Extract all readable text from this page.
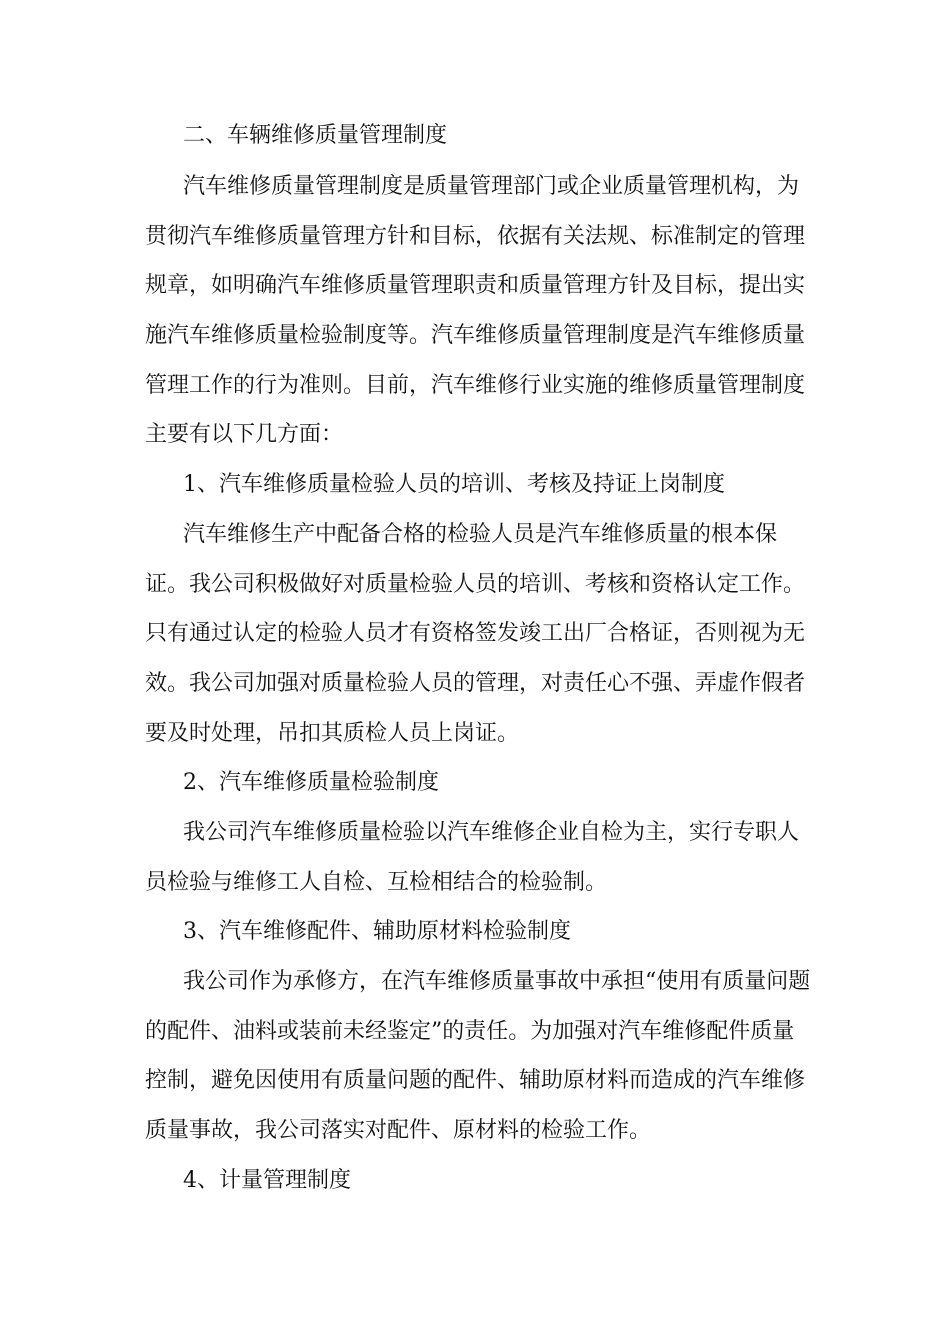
二、车辆维修质量管理制度

汽车维修质量管理制度是质量管理部门或企业质量管理机构，为

贯彻汽车维修质量管理方针和目标，依据有关法规、标准制定的管理

规章，如明确汽车维修质量管理职责和质量管理方针及目标，提出实

施汽车维修质量检验制度等。汽车维修质量管理制度是汽车维修质量

管理工作的行为准则。目前，汽车维修行业实施的维修质量管理制度

主要有以下几方面：

1、汽车维修质量检验人员的培训、考核及持证上岗制度

汽车维修生产中配备合格的检验人员是汽车维修质量的根本保

证。我公司积极做好对质量检验人员的培训、考核和资格认定工作。

只有通过认定的检验人员才有资格签发竣工出厂合格证，否则视为无

效。我公司加强对质量检验人员的管理，对责任心不强、弄虚作假者

要及时处理，吊扣其质检人员上岗证。

2、汽车维修质量检验制度

我公司汽车维修质量检验以汽车维修企业自检为主，实行专职人

员检验与维修工人自检、互检相结合的检验制。

3、汽车维修配件、辅助原材料检验制度

我公司作为承修方，在汽车维修质量事故中承担“使用有质量问题

的配件、油料或装前未经鉴定”的责任。为加强对汽车维修配件质量

控制，避免因使用有质量问题的配件、辅助原材料而造成的汽车维修

质量事故，我公司落实对配件、原材料的检验工作。

4、计量管理制度
